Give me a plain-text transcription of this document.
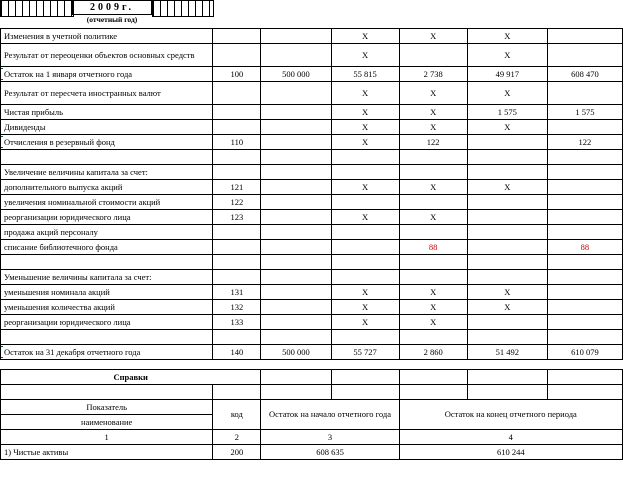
2009г.
(отчетный год)
Изменения в учетной политике			X	X	X	
Результат от переоценки объектов основных средств			X		X	
Остаток на 1 января отчетного года	100	500 000	55 815	2 738	49 917	608 470
Результат от пересчета иностранных валют			X	X	X	
Чистая прибыль			X	X	1 575	1 575
Дивиденды			X	X	X	
Отчисления в резервный фонд	110		X	122		122

Увеличение величины капитала за счет:						
дополнительного выпуска акций	121		X	X	X	
увеличения номинальной стоимости акций	122					
реорганизации юридического лица	123		X	X		
продажа акций персоналу						
списание библиотечного фонда				88		88

Уменьшение величины капитала за счет:						
уменьшения номинала акций	131		X	X	X	
уменьшения количества акций	132		X	X	X	
реорганизации юридического лица	133		X	X		

Остаток на 31 декабря отчетного года	140	500 000	55 727	2 860	51 492	610 079
Справки						

Показатель	код	Остаток на начало отчетного года		Остаток на конец отчетного периода		
наименование						
1	2	3		4		
1) Чистые активы	200	608 635		610 244		
